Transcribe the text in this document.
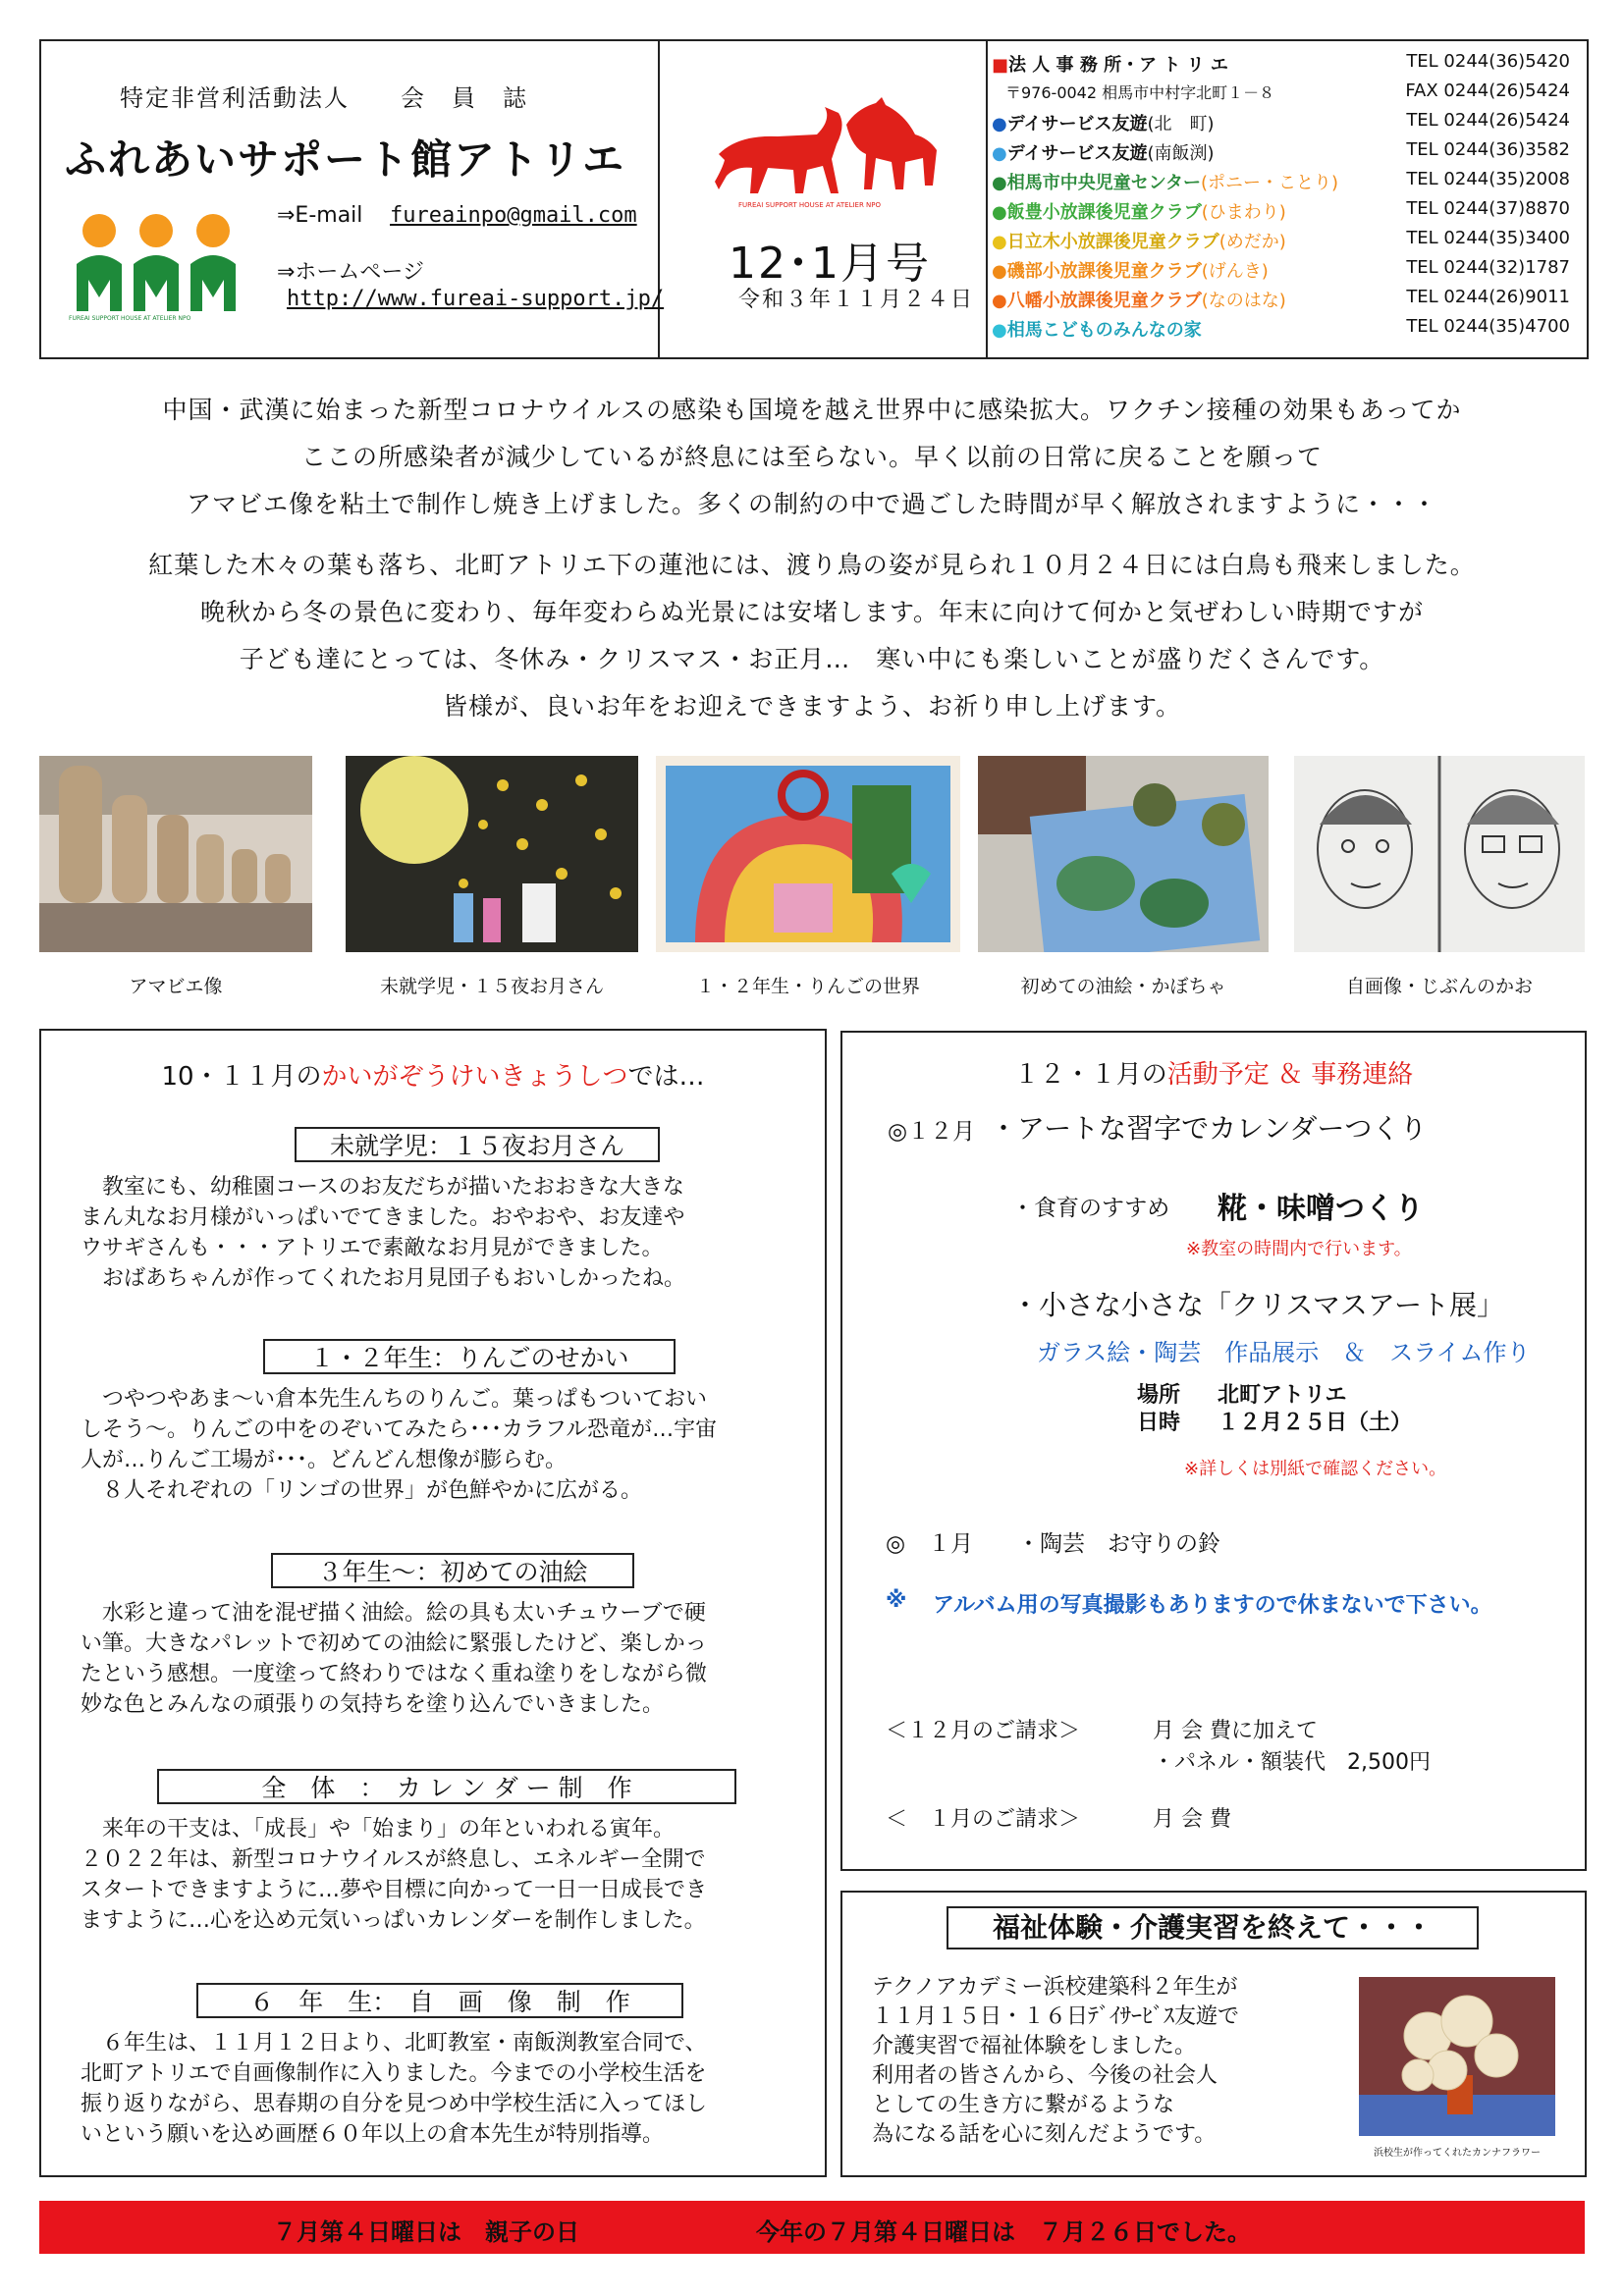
特定非営利活動法人　　会　員　誌
ふれあいサポート館アトリエ
FUREAI SUPPORT HOUSE AT ATELIER NPO
⇒E-mail fureainpo@gmail.com
⇒ホームページ
http://www.fureai-support.jp/
FUREAI SUPPORT HOUSE AT ATELIER NPO
12･1月号
令和３年１１月２４日
■法 人 事 務 所・ア ト リ エ	TEL 0244(36)5420
〒976-0042 相馬市中村字北町１－８	FAX 0244(26)5424
●デイサービス友遊(北　町)	TEL 0244(26)5424
●デイサービス友遊(南飯渕)	TEL 0244(36)3582
●相馬市中央児童センター(ポニー・ことり)	TEL 0244(35)2008
●飯豊小放課後児童クラブ(ひまわり)	TEL 0244(37)8870
●日立木小放課後児童クラブ(めだか)	TEL 0244(35)3400
●磯部小放課後児童クラブ(げんき)	TEL 0244(32)1787
●八幡小放課後児童クラブ(なのはな)	TEL 0244(26)9011
●相馬こどものみんなの家	TEL 0244(35)4700
中国・武漢に始まった新型コロナウイルスの感染も国境を越え世界中に感染拡大。ワクチン接種の効果もあってか
ここの所感染者が減少しているが終息には至らない。早く以前の日常に戻ることを願って
アマビエ像を粘土で制作し焼き上げました。多くの制約の中で過ごした時間が早く解放されますように・・・
紅葉した木々の葉も落ち、北町アトリエ下の蓮池には、渡り鳥の姿が見られ１０月２４日には白鳥も飛来しました。
晩秋から冬の景色に変わり、毎年変わらぬ光景には安堵します。年末に向けて何かと気ぜわしい時期ですが
子ども達にとっては、冬休み・クリスマス・お正月…　寒い中にも楽しいことが盛りだくさんです。
皆様が、良いお年をお迎えできますよう、お祈り申し上げます。
アマビエ像	未就学児・１５夜お月さん	１・２年生・りんごの世界	初めての油絵・かぼちゃ	自画像・じぶんのかお
10・１１月のかいがぞうけいきょうしつでは…
未就学児：１５夜お月さん
　教室にも、幼稚園コースのお友だちが描いたおおきな大きな
まん丸なお月様がいっぱいでてきました。おやおや、お友達や
ウサギさんも・・・アトリエで素敵なお月見ができました。
　おばあちゃんが作ってくれたお月見団子もおいしかったね。
１・２年生：りんごのせかい
　つやつやあま～い倉本先生んちのりんご。葉っぱもついておい
しそう～。りんごの中をのぞいてみたら･･･カラフル恐竜が…宇宙
人が…りんご工場が･･･。どんどん想像が膨らむ。
　８人それぞれの「リンゴの世界」が色鮮やかに広がる。
３年生～：初めての油絵
　水彩と違って油を混ぜ描く油絵。絵の具も太いチュウーブで硬
い筆。大きなパレットで初めての油絵に緊張したけど、楽しかっ
たという感想。一度塗って終わりではなく重ね塗りをしながら微
妙な色とみんなの頑張りの気持ちを塗り込んでいきました。
全　体　：　カ レ ン ダ ー 制　作
　来年の干支は、「成長」や「始まり」の年といわれる寅年。
２０２２年は、新型コロナウイルスが終息し、エネルギー全開で
スタートできますように…夢や目標に向かって一日一日成長でき
ますように…心を込め元気いっぱいカレンダーを制作しました。
６　年　生：　自　画　像　制　作
　６年生は、１１月１２日より、北町教室・南飯渕教室合同で、
北町アトリエで自画像制作に入りました。今までの小学校生活を
振り返りながら、思春期の自分を見つめ中学校生活に入ってほし
いという願いを込め画歴６０年以上の倉本先生が特別指導。
１２・１月の活動予定 ＆ 事務連絡
◎１２月 ・アートな習字でカレンダーつくり
・食育のすすめ 糀・味噌つくり
※教室の時間内で行います。
・小さな小さな「クリスマスアート展」
ガラス絵・陶芸　作品展示　＆　スライム作り
場所 北町アトリエ
日時 １２月２５日（土）
※詳しくは別紙で確認ください。
◎　１月 ・陶芸　お守りの鈴
※ アルバム用の写真撮影もありますので休まないで下さい。
＜１２月のご請求＞	月 会 費に加えて
・パネル・額装代　2,500円
＜　１月のご請求＞	月 会 費
福祉体験・介護実習を終えて・・・
テクノアカデミー浜校建築科２年生が
１１月１５日・１６日ﾃﾞｲｻｰﾋﾞｽ友遊で
介護実習で福祉体験をしました。
利用者の皆さんから、今後の社会人
としての生き方に繋がるような
為になる話を心に刻んだようです。
浜校生が作ってくれたカンナフラワー
７月第４日曜日は　親子の日	今年の７月第４日曜日は　７月２６日でした。
